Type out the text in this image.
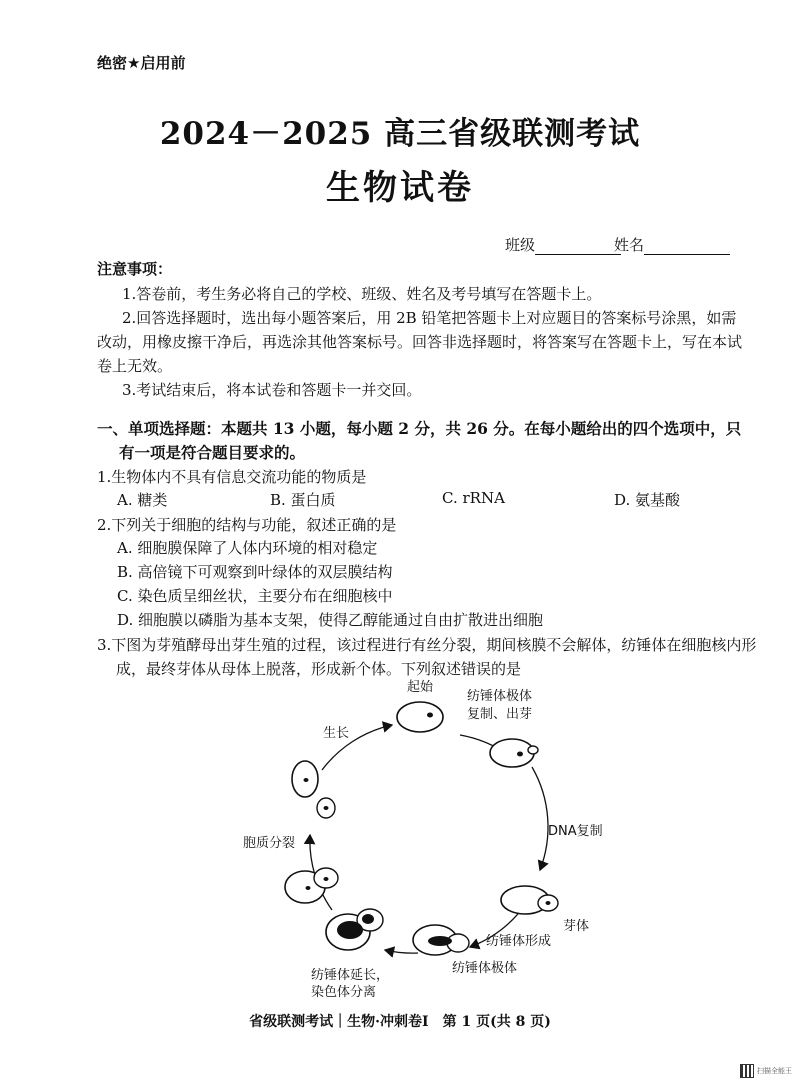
绝密★启用前
2024－2025 高三省级联测考试
生物试卷
班级	姓名
注意事项：
1.答卷前，考生务必将自己的学校、班级、姓名及考号填写在答题卡上。
2.回答选择题时，选出每小题答案后，用 2B 铅笔把答题卡上对应题目的答案标号涂黑，如需改动，用橡皮擦干净后，再选涂其他答案标号。回答非选择题时，将答案写在答题卡上，写在本试卷上无效。
3.考试结束后，将本试卷和答题卡一并交回。
一、单项选择题：本题共 13 小题，每小题 2 分，共 26 分。在每小题给出的四个选项中，只有一项是符合题目要求的。
1.生物体内不具有信息交流功能的物质是
A. 糖类	B. 蛋白质	C. rRNA	D. 氨基酸
2.下列关于细胞的结构与功能，叙述正确的是
A. 细胞膜保障了人体内环境的相对稳定
B. 高倍镜下可观察到叶绿体的双层膜结构
C. 染色质呈细丝状，主要分布在细胞核中
D. 细胞膜以磷脂为基本支架，使得乙醇能通过自由扩散进出细胞
3.下图为芽殖酵母出芽生殖的过程，该过程进行有丝分裂，期间核膜不会解体，纺锤体在细胞核内形成，最终芽体从母体上脱落，形成新个体。下列叙述错误的是
起始
纺锤体极体
复制、出芽
DNA复制
芽体
纺锤体形成
纺锤体极体
纺锤体延长，
染色体分离
胞质分裂
生长
省级联测考试｜生物·冲刺卷Ⅰ　第 1 页(共 8 页)
扫描全能王
